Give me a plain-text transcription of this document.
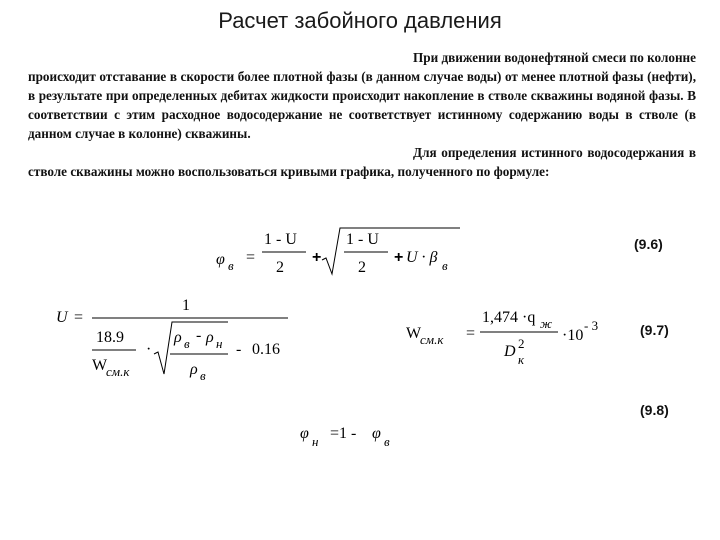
Расчет забойного давления

При движении водонефтяной смеси по колонне происходит отставание в скорости более плотной фазы (в данном случае воды) от менее плотной фазы (нефти), в результате при определенных дебитах жидкости происходит накопление в стволе скважины водяной фазы. В соответствии с этим расходное водосодержание не соответствует истинному содержанию воды в стволе (в данном случае в колонне) скважины.

Для определения истинного водосодержания в стволе скважины можно воспользоваться кривыми графика, полученного по формуле:

φ в =
1 - U
2
+
1 - U
2
+ U · β в
(9.6)
U =
1
18.9
W
см.к
·
ρ в - ρ н
ρ в
- 0.16
W
см.к =
1,474 ·q ж
D 2
к
·10
- 3	(9.7)
φ н =1 - φ в
(9.8)
